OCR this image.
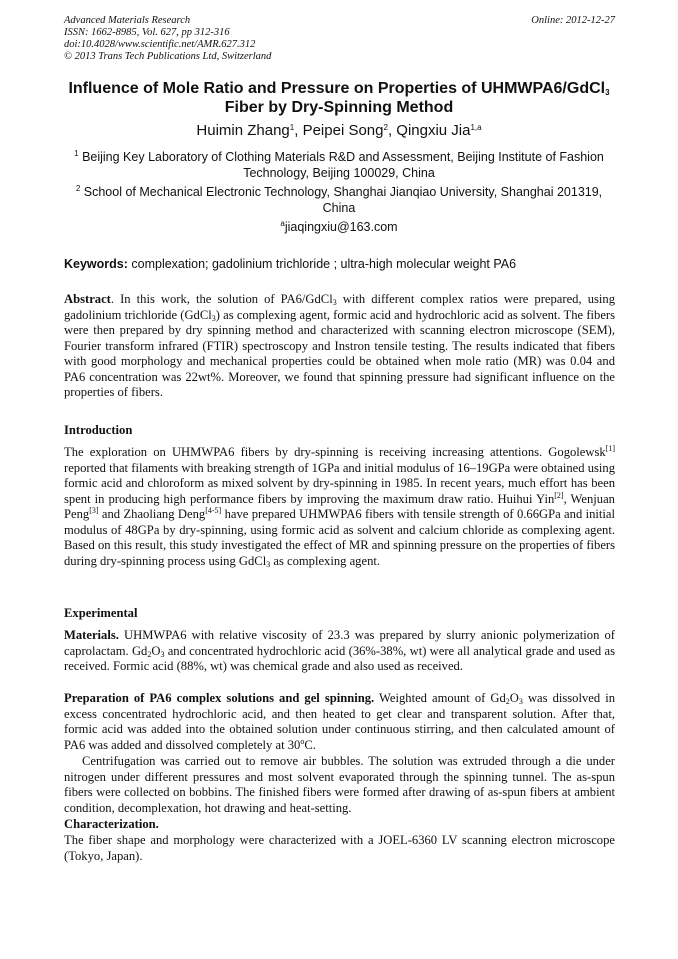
Advanced Materials Research
ISSN: 1662-8985, Vol. 627, pp 312-316
doi:10.4028/www.scientific.net/AMR.627.312
© 2013 Trans Tech Publications Ltd, Switzerland
Online: 2012-12-27
Influence of Mole Ratio and Pressure on Properties of UHMWPA6/GdCl$_3$
Fiber by Dry-Spinning Method
Huimin Zhang$^1$, Peipei Song$^2$, Qingxiu Jia$^{1,a}$
$^1$ Beijing Key Laboratory of Clothing Materials R&D and Assessment, Beijing Institute of Fashion Technology, Beijing 100029, China
$^2$ School of Mechanical Electronic Technology, Shanghai Jianqiao University, Shanghai 201319, China
$^a$jiaqingxiu@163.com
Keywords: complexation; gadolinium trichloride ; ultra-high molecular weight PA6
Abstract. In this work, the solution of PA6/GdCl$_3$ with different complex ratios were prepared, using gadolinium trichloride (GdCl$_3$) as complexing agent, formic acid and hydrochloric acid as solvent. The fibers were then prepared by dry spinning method and characterized with scanning electron microscope (SEM), Fourier transform infrared (FTIR) spectroscopy and Instron tensile testing. The results indicated that fibers with good morphology and mechanical properties could be obtained when mole ratio (MR) was 0.04 and PA6 concentration was 22wt%. Moreover, we found that spinning pressure had significant influence on the properties of fibers.
Introduction
The exploration on UHMWPA6 fibers by dry-spinning is receiving increasing attentions. Gogolewsk[1] reported that filaments with breaking strength of 1GPa and initial modulus of 16–19GPa were obtained using formic acid and chloroform as mixed solvent by dry-spinning in 1985. In recent years, much effort has been spent in producing high performance fibers by improving the maximum draw ratio. Huihui Yin[2], Wenjuan Peng[3] and Zhaoliang Deng[4-5] have prepared UHMWPA6 fibers with tensile strength of 0.66GPa and initial modulus of 48GPa by dry-spinning, using formic acid as solvent and calcium chloride as complexing agent. Based on this result, this study investigated the effect of MR and spinning pressure on the properties of fibers during dry-spinning process using GdCl$_3$ as complexing agent.
Experimental
Materials. UHMWPA6 with relative viscosity of 23.3 was prepared by slurry anionic polymerization of caprolactam. $Gd_2O_3$ and concentrated hydrochloric acid (36%-38%, wt) were all analytical grade and used as received. Formic acid (88%, wt) was chemical grade and also used as received.
Preparation of PA6 complex solutions and gel spinning. Weighted amount of $Gd_2O_3$ was dissolved in excess concentrated hydrochloric acid, and then heated to get clear and transparent solution. After that, formic acid was added into the obtained solution under continuous stirring, and then calculated amount of PA6 was added and dissolved completely at 30$^o$C.
Centrifugation was carried out to remove air bubbles. The solution was extruded through a die under nitrogen under different pressures and most solvent evaporated through the spinning tunnel. The as-spun fibers were collected on bobbins. The finished fibers were formed after drawing of as-spun fibers at ambient condition, decomplexation, hot drawing and heat-setting.
Characterization.
The fiber shape and morphology were characterized with a JOEL-6360 LV scanning electron microscope (Tokyo, Japan).
